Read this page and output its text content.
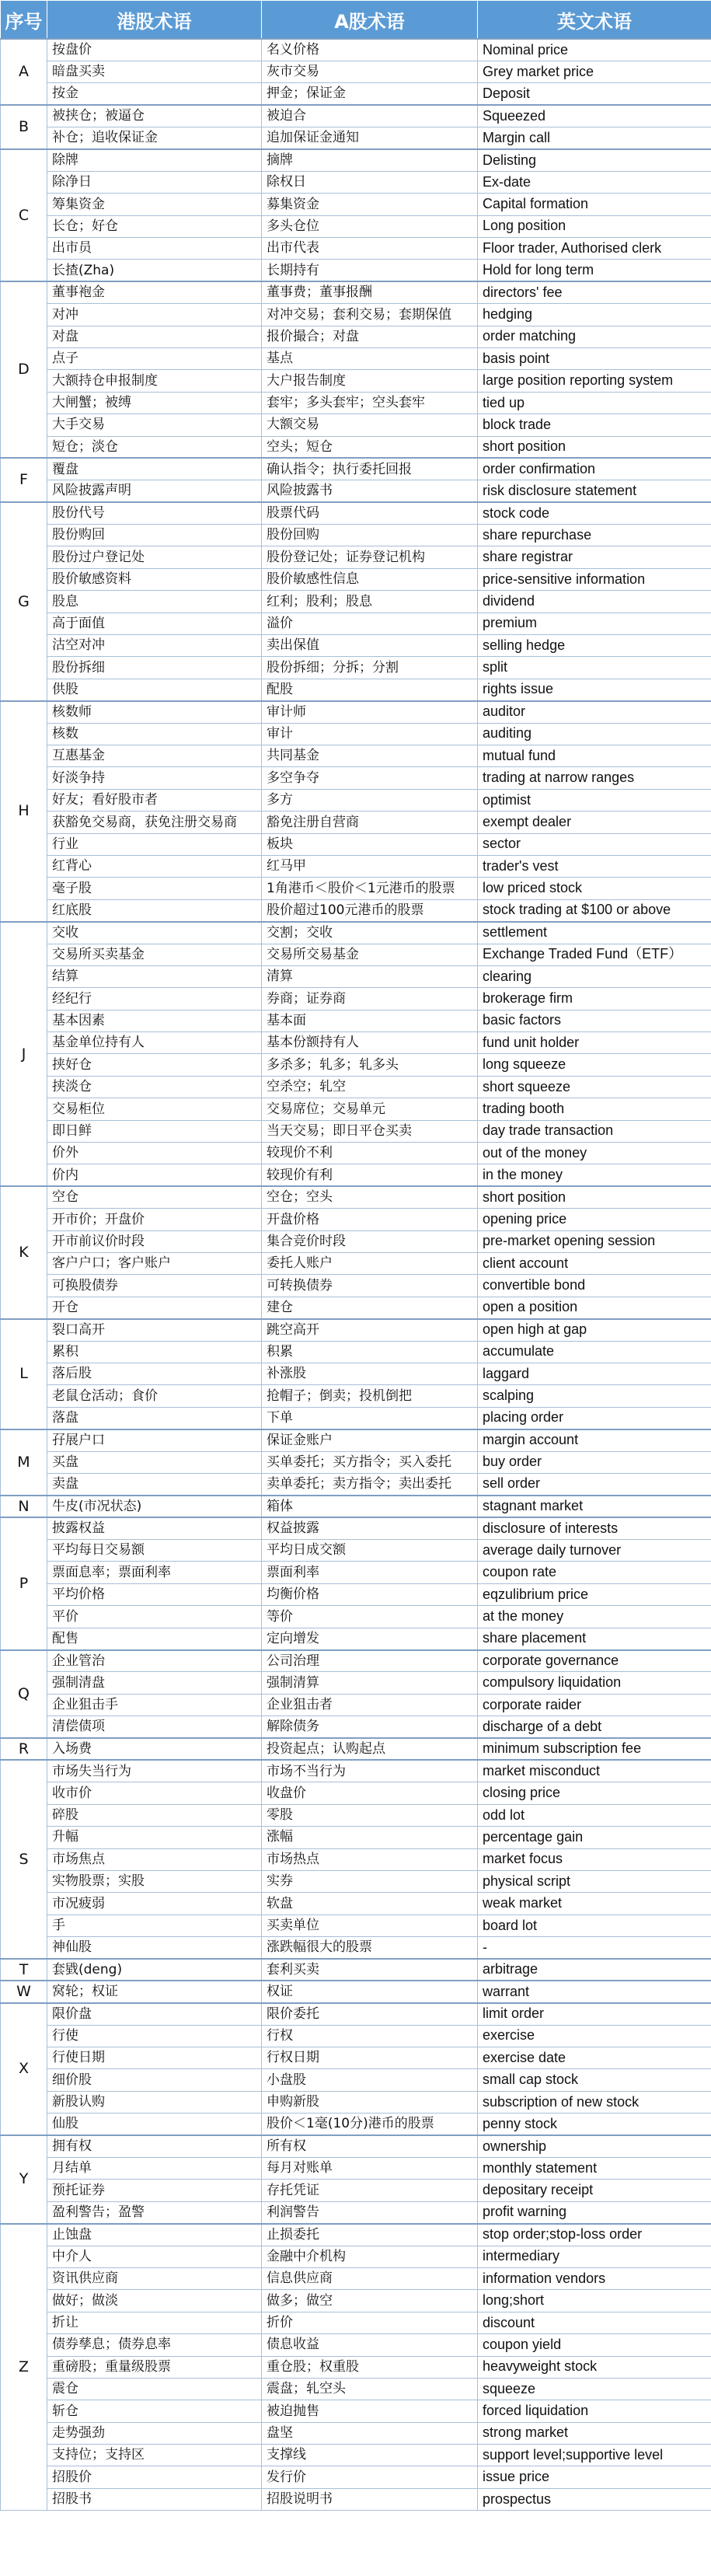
序号	港股术语	A股术语	英文术语
A	按盘价	名义价格	Nominal price
	暗盘买卖	灰市交易	Grey market price
	按金	押金；保证金	Deposit
B	被挟仓；被逼仓	被迫合	Squeezed
	补仓；追收保证金	追加保证金通知	Margin call
C	除牌	摘牌	Delisting
	除净日	除权日	Ex-date
	筹集资金	募集资金	Capital formation
	长仓；好仓	多头仓位	Long position
	出市员	出市代表	Floor trader, Authorised clerk
	长揸(Zha)	长期持有	Hold for long term
D	董事袍金	董事费；董事报酬	directors' fee
	对冲	对冲交易；套利交易；套期保值	hedging
	对盘	报价撮合；对盘	order matching
	点子	基点	basis point
	大额持仓申报制度	大户报告制度	large position reporting system
	大闸蟹；被缚	套牢；多头套牢；空头套牢	tied up
	大手交易	大额交易	block trade
	短仓；淡仓	空头；短仓	short position
F	覆盘	确认指令；执行委托回报	order confirmation
	风险披露声明	风险披露书	risk disclosure statement
G	股份代号	股票代码	stock code
	股份购回	股份回购	share repurchase
	股份过户登记处	股份登记处；证券登记机构	share registrar
	股价敏感资料	股价敏感性信息	price-sensitive information
	股息	红利；股利；股息	dividend
	高于面值	溢价	premium
	沽空对冲	卖出保值	selling hedge
	股份拆细	股份拆细；分拆；分割	split
	供股	配股	rights issue
H	核数师	审计师	auditor
	核数	审计	auditing
	互惠基金	共同基金	mutual fund
	好淡争持	多空争夺	trading at narrow ranges
	好友；看好股市者	多方	optimist
	获豁免交易商，获免注册交易商	豁免注册自营商	exempt dealer
	行业	板块	sector
	红背心	红马甲	trader's vest
	毫子股	1角港币＜股价＜1元港币的股票	low priced stock
	红底股	股价超过100元港币的股票	stock trading at $100 or above
J	交收	交割；交收	settlement
	交易所买卖基金	交易所交易基金	Exchange Traded Fund（ETF）
	结算	清算	clearing
	经纪行	券商；证券商	brokerage firm
	基本因素	基本面	basic factors
	基金单位持有人	基本份额持有人	fund unit holder
	挟好仓	多杀多；轧多；轧多头	long squeeze
	挟淡仓	空杀空；轧空	short squeeze
	交易柜位	交易席位；交易单元	trading booth
	即日鲜	当天交易；即日平仓买卖	day trade transaction
	价外	较现价不利	out of the money
	价内	较现价有利	in the money
K	空仓	空仓；空头	short position
	开市价；开盘价	开盘价格	opening price
	开市前议价时段	集合竞价时段	pre-market opening session
	客户户口；客户账户	委托人账户	client account
	可换股债券	可转换债券	convertible bond
	开仓	建仓	open a position
L	裂口高开	跳空高开	open high at gap
	累积	积累	accumulate
	落后股	补涨股	laggard
	老鼠仓活动；食价	抢帽子；倒卖；投机倒把	scalping
	落盘	下单	placing order
M	孖展户口	保证金账户	margin account
	买盘	买单委托；买方指令；买入委托	buy order
	卖盘	卖单委托；卖方指令；卖出委托	sell order
N	牛皮(市况状态)	箱体	stagnant market
P	披露权益	权益披露	disclosure of interests
	平均每日交易额	平均日成交额	average daily turnover
	票面息率；票面利率	票面利率	coupon rate
	平均价格	均衡价格	eqzulibrium price
	平价	等价	at the money
	配售	定向增发	share placement
Q	企业管治	公司治理	corporate governance
	强制清盘	强制清算	compulsory liquidation
	企业狙击手	企业狙击者	corporate raider
	清偿债项	解除债务	discharge of a debt
R	入场费	投资起点；认购起点	minimum subscription fee
S	市场失当行为	市场不当行为	market misconduct
	收市价	收盘价	closing price
	碎股	零股	odd lot
	升幅	涨幅	percentage gain
	市场焦点	市场热点	market focus
	实物股票；实股	实券	physical script
	市况疲弱	软盘	weak market
	手	买卖单位	board lot
	神仙股	涨跌幅很大的股票	-
T	套戥(deng)	套利买卖	arbitrage
W	窝轮；权证	权证	warrant
X	限价盘	限价委托	limit order
	行使	行权	exercise
	行使日期	行权日期	exercise date
	细价股	小盘股	small cap stock
	新股认购	申购新股	subscription of new stock
	仙股	股价＜1毫(10分)港币的股票	penny stock
Y	拥有权	所有权	ownership
	月结单	每月对账单	monthly statement
	预托证券	存托凭证	depositary receipt
	盈利警告；盈警	利润警告	profit warning
Z	止蚀盘	止损委托	stop order;stop-loss order
	中介人	金融中介机构	intermediary
	资讯供应商	信息供应商	information vendors
	做好；做淡	做多；做空	long;short
	折让	折价	discount
	债券孳息；债券息率	债息收益	coupon yield
	重磅股；重量级股票	重仓股；权重股	heavyweight stock
	震仓	震盘；轧空头	squeeze
	斩仓	被迫抛售	forced liquidation
	走势强劲	盘坚	strong market
	支持位；支持区	支撑线	support level;supportive level
	招股价	发行价	issue price
	招股书	招股说明书	prospectus
